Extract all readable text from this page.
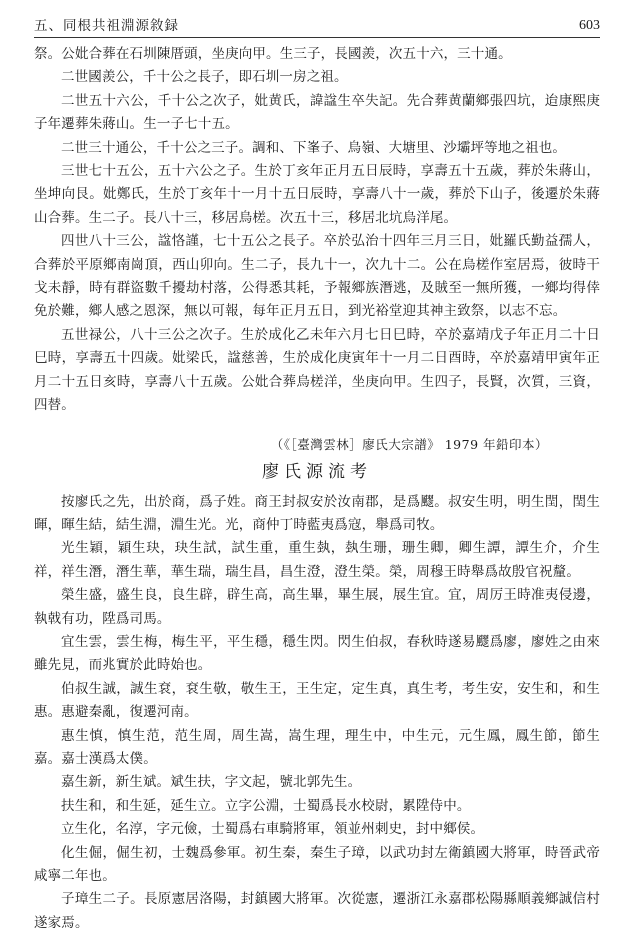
五、同根共祖淵源敘録	603

祭。公妣合葬在石圳陳厝頭，坐庚向甲。生三子，長國羨，次五十六，三十通。

二世國羨公，千十公之長子，即石圳一房之祖。

二世五十六公，千十公之次子，妣黄氏，諱諡生卒失記。先合葬黄蘭鄉張四坑，迨康熙庚子年遷葬朱蔣山。生一子七十五。

二世三十通公，千十公之三子。調和、下峯子、烏嶺、大塘里、沙壩坪等地之祖也。

三世七十五公，五十六公之子。生於丁亥年正月五日辰時，享壽五十五歲，葬於朱蔣山，坐坤向艮。妣鄭氏，生於丁亥年十一月十五日辰時，享壽八十一歲，葬於下山子，後遷於朱蔣山合葬。生二子。長八十三，移居烏槎。次五十三，移居北坑烏洋尾。

四世八十三公，諡恪謹，七十五公之長子。卒於弘治十四年三月三日，妣羅氏勤益孺人，合葬於平原鄉南崗頂，西山卯向。生二子，長九十一，次九十二。公在烏槎作室居焉，彼時干戈未靜，時有群盜數千擾劫村落，公得悉其耗，予報鄉族潛逃，及賊至一無所獲，一鄉均得倖免於難，鄉人感之恩深，無以可報，每年正月五日，到光裕堂迎其神主致祭，以志不忘。

五世禄公，八十三公之次子。生於成化乙未年六月七日巳時，卒於嘉靖戊子年正月二十日巳時，享壽五十四歲。妣梁氏，諡慈善，生於成化庚寅年十一月二日酉時，卒於嘉靖甲寅年正月二十五日亥時，享壽八十五歲。公妣合葬烏槎洋，坐庚向甲。生四子，長賢，次質，三資，四替。

（《［臺灣雲林］廖氏大宗譜》 1979 年鉛印本）
廖氏源流考

按廖氏之先，出於商，爲子姓。商王封叔安於汝南郡，是爲飂。叔安生明，明生閏，閏生暉，暉生結，結生淵，淵生光。光，商仲丁時藍夷爲寇，舉爲司牧。

光生穎，穎生玦，玦生試，試生重，重生埶，埶生珊，珊生卿，卿生譚，譚生介，介生祥，祥生潛，潛生華，華生瑞，瑞生昌，昌生澄，澄生榮。榮，周穆王時舉爲故殷官祝釐。

榮生盛，盛生良，良生辟，辟生高，高生畢，畢生展，展生宜。宜，周厉王時准夷侵邊，執戟有功，陞爲司馬。

宜生雲，雲生梅，梅生平，平生穩，穩生閃。閃生伯叔，春秋時遂易飂爲廖，廖姓之由來雖先見，而兆實於此時始也。

伯叔生誠，誠生袞，袞生敬，敬生王，王生定，定生真，真生考，考生安，安生和，和生惠。惠避秦亂，復遷河南。

惠生慎，慎生范，范生周，周生嵩，嵩生理，理生中，中生元，元生鳳，鳳生節，節生嘉。嘉士漢爲太僕。

嘉生新，新生斌。斌生扶，字文起，號北郭先生。

扶生和，和生延，延生立。立字公淵，士蜀爲長水校尉，累陞侍中。

立生化，名淳，字元儉，士蜀爲右車騎將軍，領並州刺史，封中鄉侯。

化生倔，倔生初，士魏爲參軍。初生秦，秦生子璋，以武功封左衛鎮國大將軍，時晉武帝咸寧二年也。

子璋生二子。長原憲居洛陽，封鎮國大將軍。次從憲，遷浙江永嘉郡松陽縣順義鄉誠信村遂家焉。
